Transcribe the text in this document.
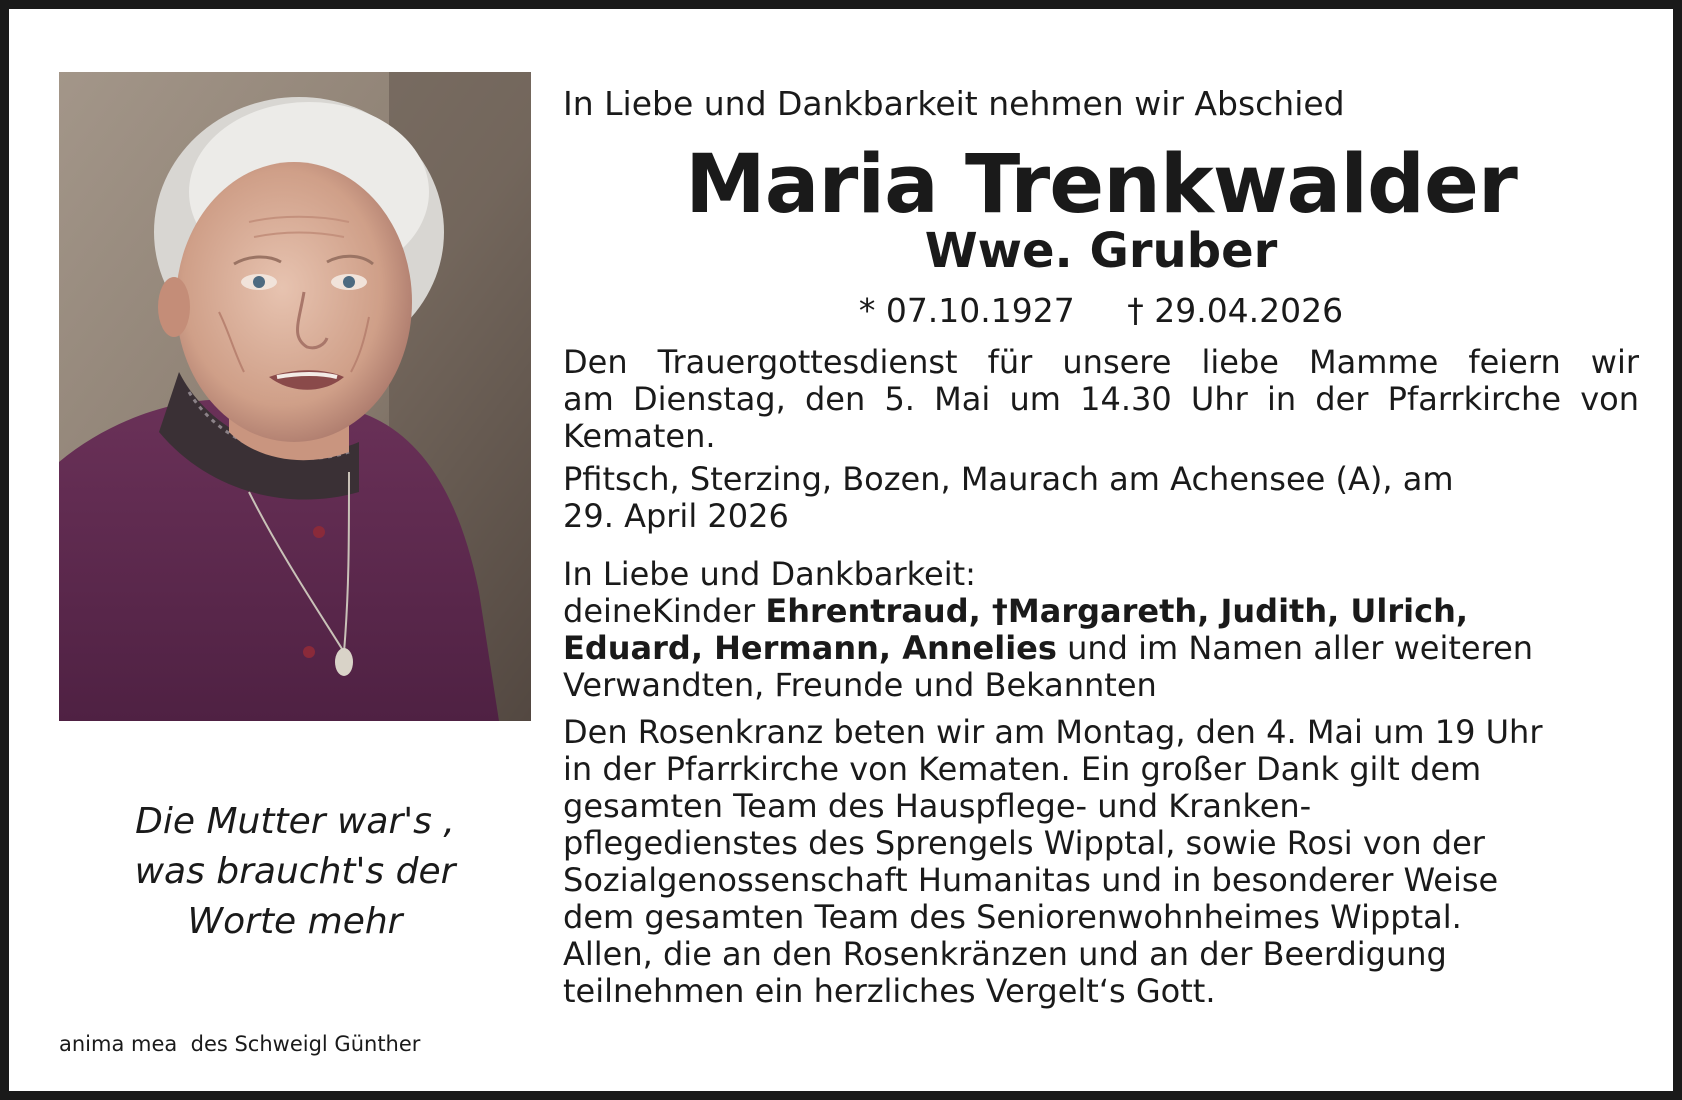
Die Mutter war's ,
was braucht's der
Worte mehr
anima mea  des Schweigl Günther
In Liebe und Dankbarkeit nehmen wir Abschied
Maria Trenkwalder
Wwe. Gruber
* 07.10.1927 † 29.04.2026
Den Trauergottesdienst für unsere liebe Mamme feiern wir
am Dienstag, den 5. Mai um 14.30 Uhr in der Pfarrkirche von
Kematen.
Pfitsch, Sterzing, Bozen, Maurach am Achensee (A), am
29. April 2026
In Liebe und Dankbarkeit:
deineKinder Ehrentraud, †Margareth, Judith, Ulrich,
Eduard, Hermann, Annelies und im Namen aller weiteren
Verwandten, Freunde und Bekannten
Den Rosenkranz beten wir am Montag, den 4. Mai um 19 Uhr
in der Pfarrkirche von Kematen. Ein großer Dank gilt dem
gesamten Team des Hauspflege- und Kranken-
pflegedienstes des Sprengels Wipptal, sowie Rosi von der
Sozialgenossenschaft Humanitas und in besonderer Weise
dem gesamten Team des Seniorenwohnheimes Wipptal.
Allen, die an den Rosenkränzen und an der Beerdigung
teilnehmen ein herzliches Vergelt‘s Gott.
